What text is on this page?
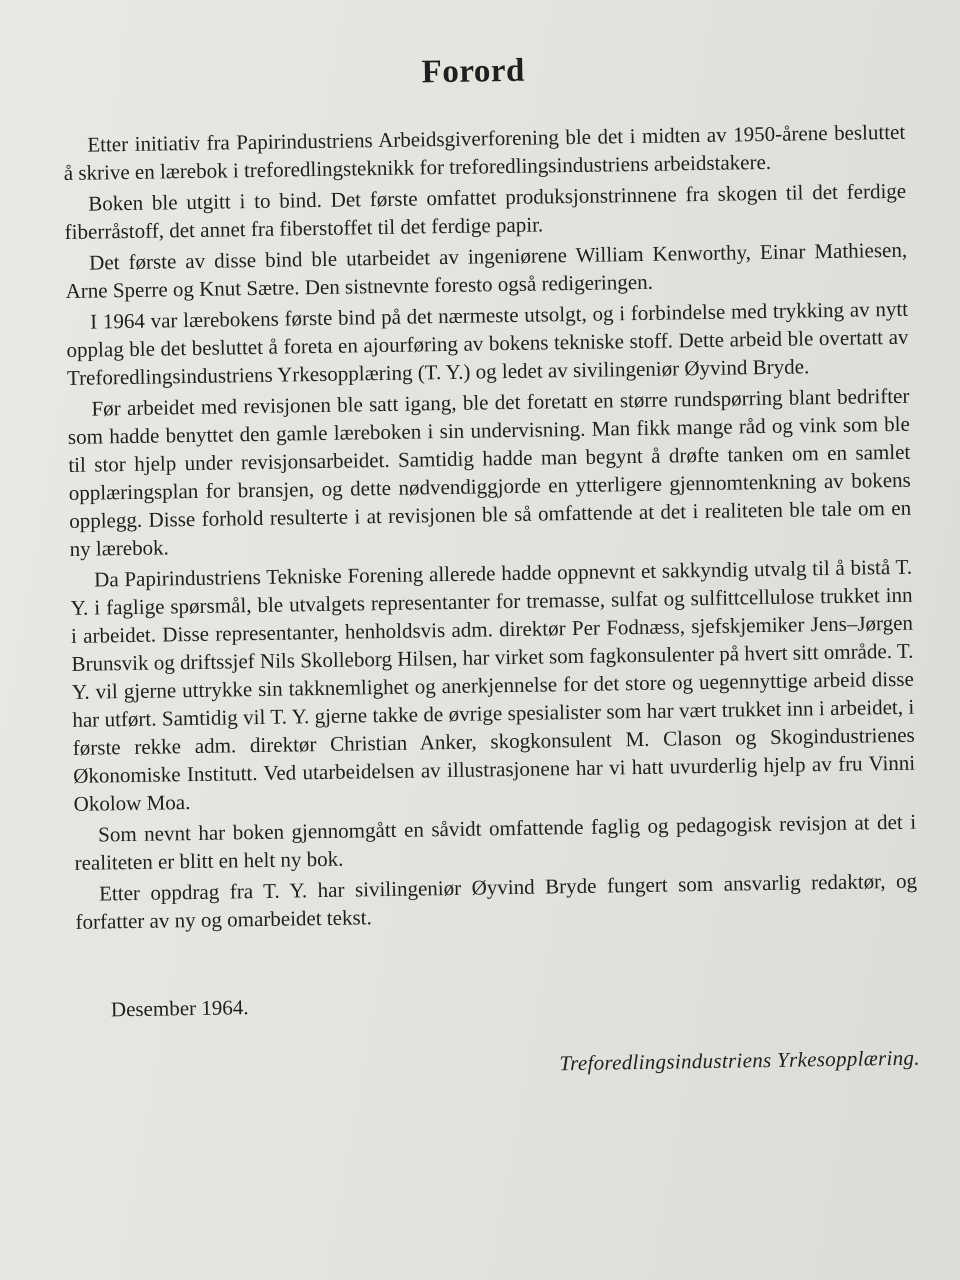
Forord

Etter initiativ fra Papirindustriens Arbeidsgiverforening ble det i midten av 1950-årene besluttet å skrive en lærebok i treforedlingsteknikk for treforedlingsindustriens arbeidstakere.

Boken ble utgitt i to bind. Det første omfattet produksjonstrinnene fra skogen til det ferdige fiberråstoff, det annet fra fiberstoffet til det ferdige papir.

Det første av disse bind ble utarbeidet av ingeniørene William Kenworthy, Einar Mathiesen, Arne Sperre og Knut Sætre. Den sistnevnte foresto også redigeringen.

I 1964 var lærebokens første bind på det nærmeste utsolgt, og i forbindelse med trykking av nytt opplag ble det besluttet å foreta en ajourføring av bokens tekniske stoff. Dette arbeid ble overtatt av Treforedlingsindustriens Yrkesopplæring (T. Y.) og ledet av sivilingeniør Øyvind Bryde.

Før arbeidet med revisjonen ble satt igang, ble det foretatt en større rundspørring blant bedrifter som hadde benyttet den gamle læreboken i sin undervisning. Man fikk mange råd og vink som ble til stor hjelp under revisjonsarbeidet. Samtidig hadde man begynt å drøfte tanken om en samlet opplæringsplan for bransjen, og dette nødvendiggjorde en ytterligere gjennomtenkning av bokens opplegg. Disse forhold resulterte i at revisjonen ble så omfattende at det i realiteten ble tale om en ny lærebok.

Da Papirindustriens Tekniske Forening allerede hadde oppnevnt et sakkyndig utvalg til å bistå T. Y. i faglige spørsmål, ble utvalgets representanter for tremasse, sulfat og sulfittcellulose trukket inn i arbeidet. Disse representanter, henholdsvis adm. direktør Per Fodnæss, sjefskjemiker Jens–Jørgen Brunsvik og driftssjef Nils Skolleborg Hilsen, har virket som fagkonsulenter på hvert sitt område. T. Y. vil gjerne uttrykke sin takknemlighet og anerkjennelse for det store og uegennyttige arbeid disse har utført. Samtidig vil T. Y. gjerne takke de øvrige spesialister som har vært trukket inn i arbeidet, i første rekke adm. direktør Christian Anker, skogkonsulent M. Clason og Skogindustrienes Økonomiske Institutt. Ved utarbeidelsen av illustrasjonene har vi hatt uvurderlig hjelp av fru Vinni Okolow Moa.

Som nevnt har boken gjennomgått en såvidt omfattende faglig og pedagogisk revisjon at det i realiteten er blitt en helt ny bok.

Etter oppdrag fra T. Y. har sivilingeniør Øyvind Bryde fungert som ansvarlig redaktør, og forfatter av ny og omarbeidet tekst.

Desember 1964.
Treforedlingsindustriens Yrkesopplæring.
